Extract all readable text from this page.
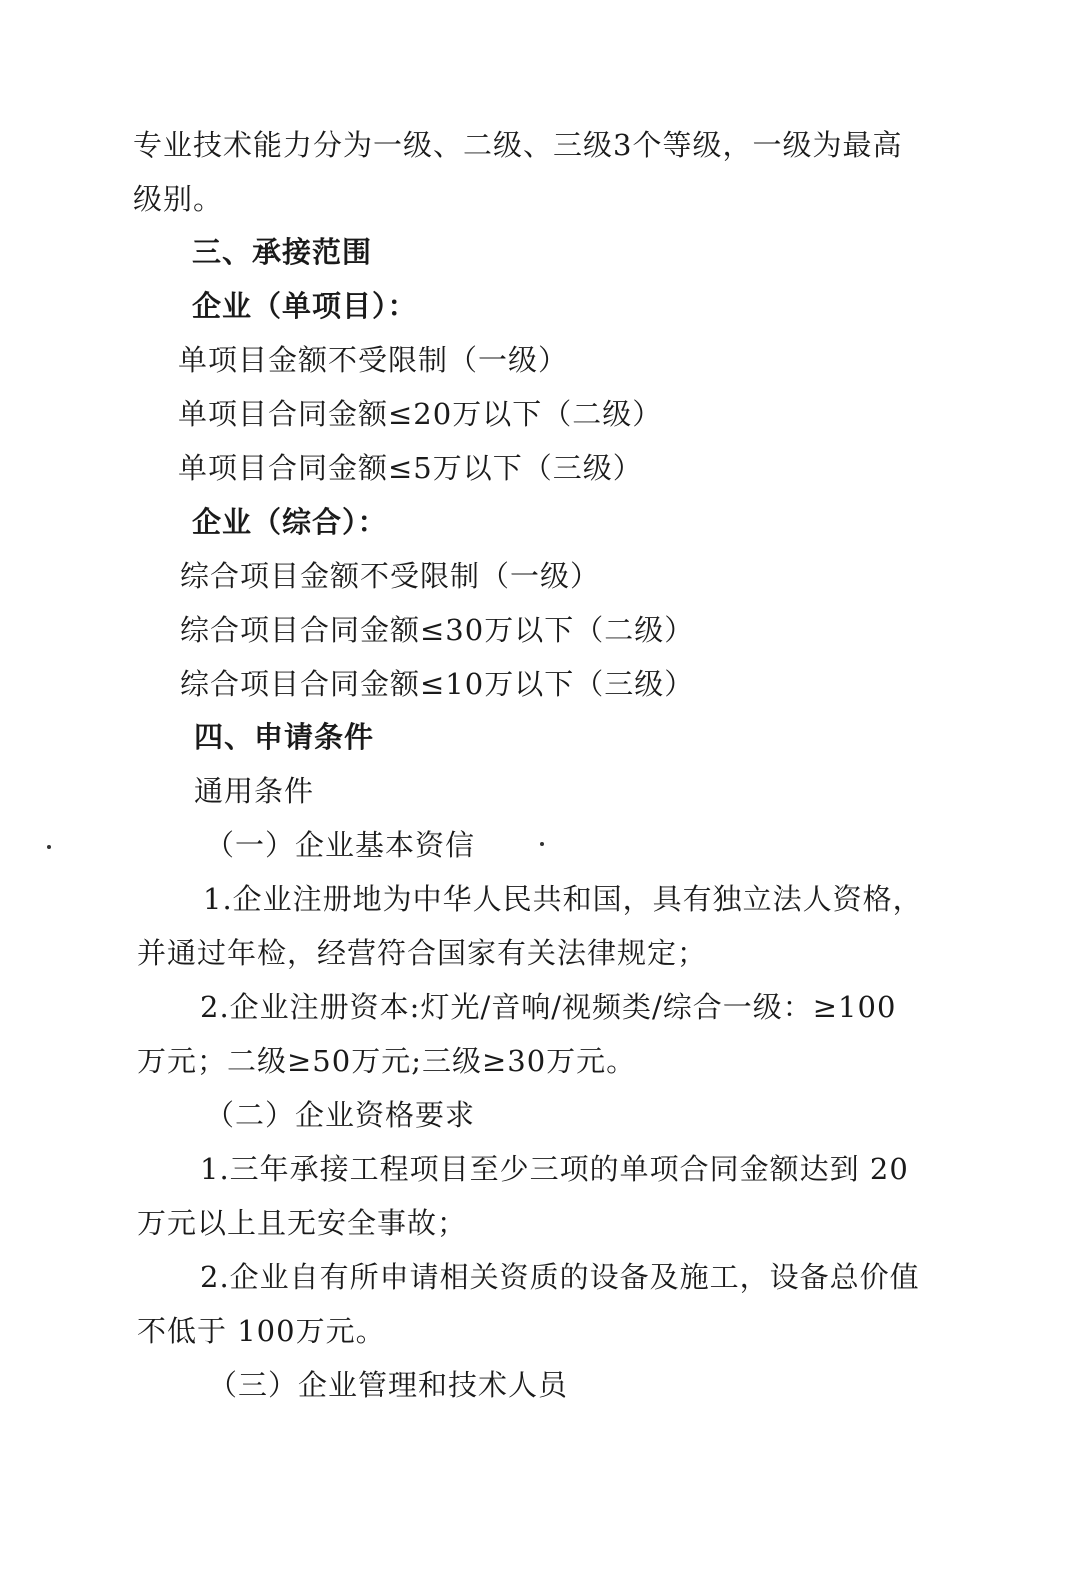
专业技术能力分为一级、二级、三级3个等级，一级为最高
级别。
三、承接范围
企业（单项目）：
单项目金额不受限制（一级）
单项目合同金额≤20万以下（二级）
单项目合同金额≤5万以下（三级）
企业（综合）：
综合项目金额不受限制（一级）
综合项目合同金额≤30万以下（二级）
综合项目合同金额≤10万以下（三级）
四、申请条件
通用条件
（一）企业基本资信
1.企业注册地为中华人民共和国，具有独立法人资格，
并通过年检，经营符合国家有关法律规定；
2.企业注册资本:灯光/音响/视频类/综合一级：≥100
万元；二级≥50万元;三级≥30万元。
（二）企业资格要求
1.三年承接工程项目至少三项的单项合同金额达到 20
万元以上且无安全事故；
2.企业自有所申请相关资质的设备及施工，设备总价值
不低于 100万元。
（三）企业管理和技术人员
